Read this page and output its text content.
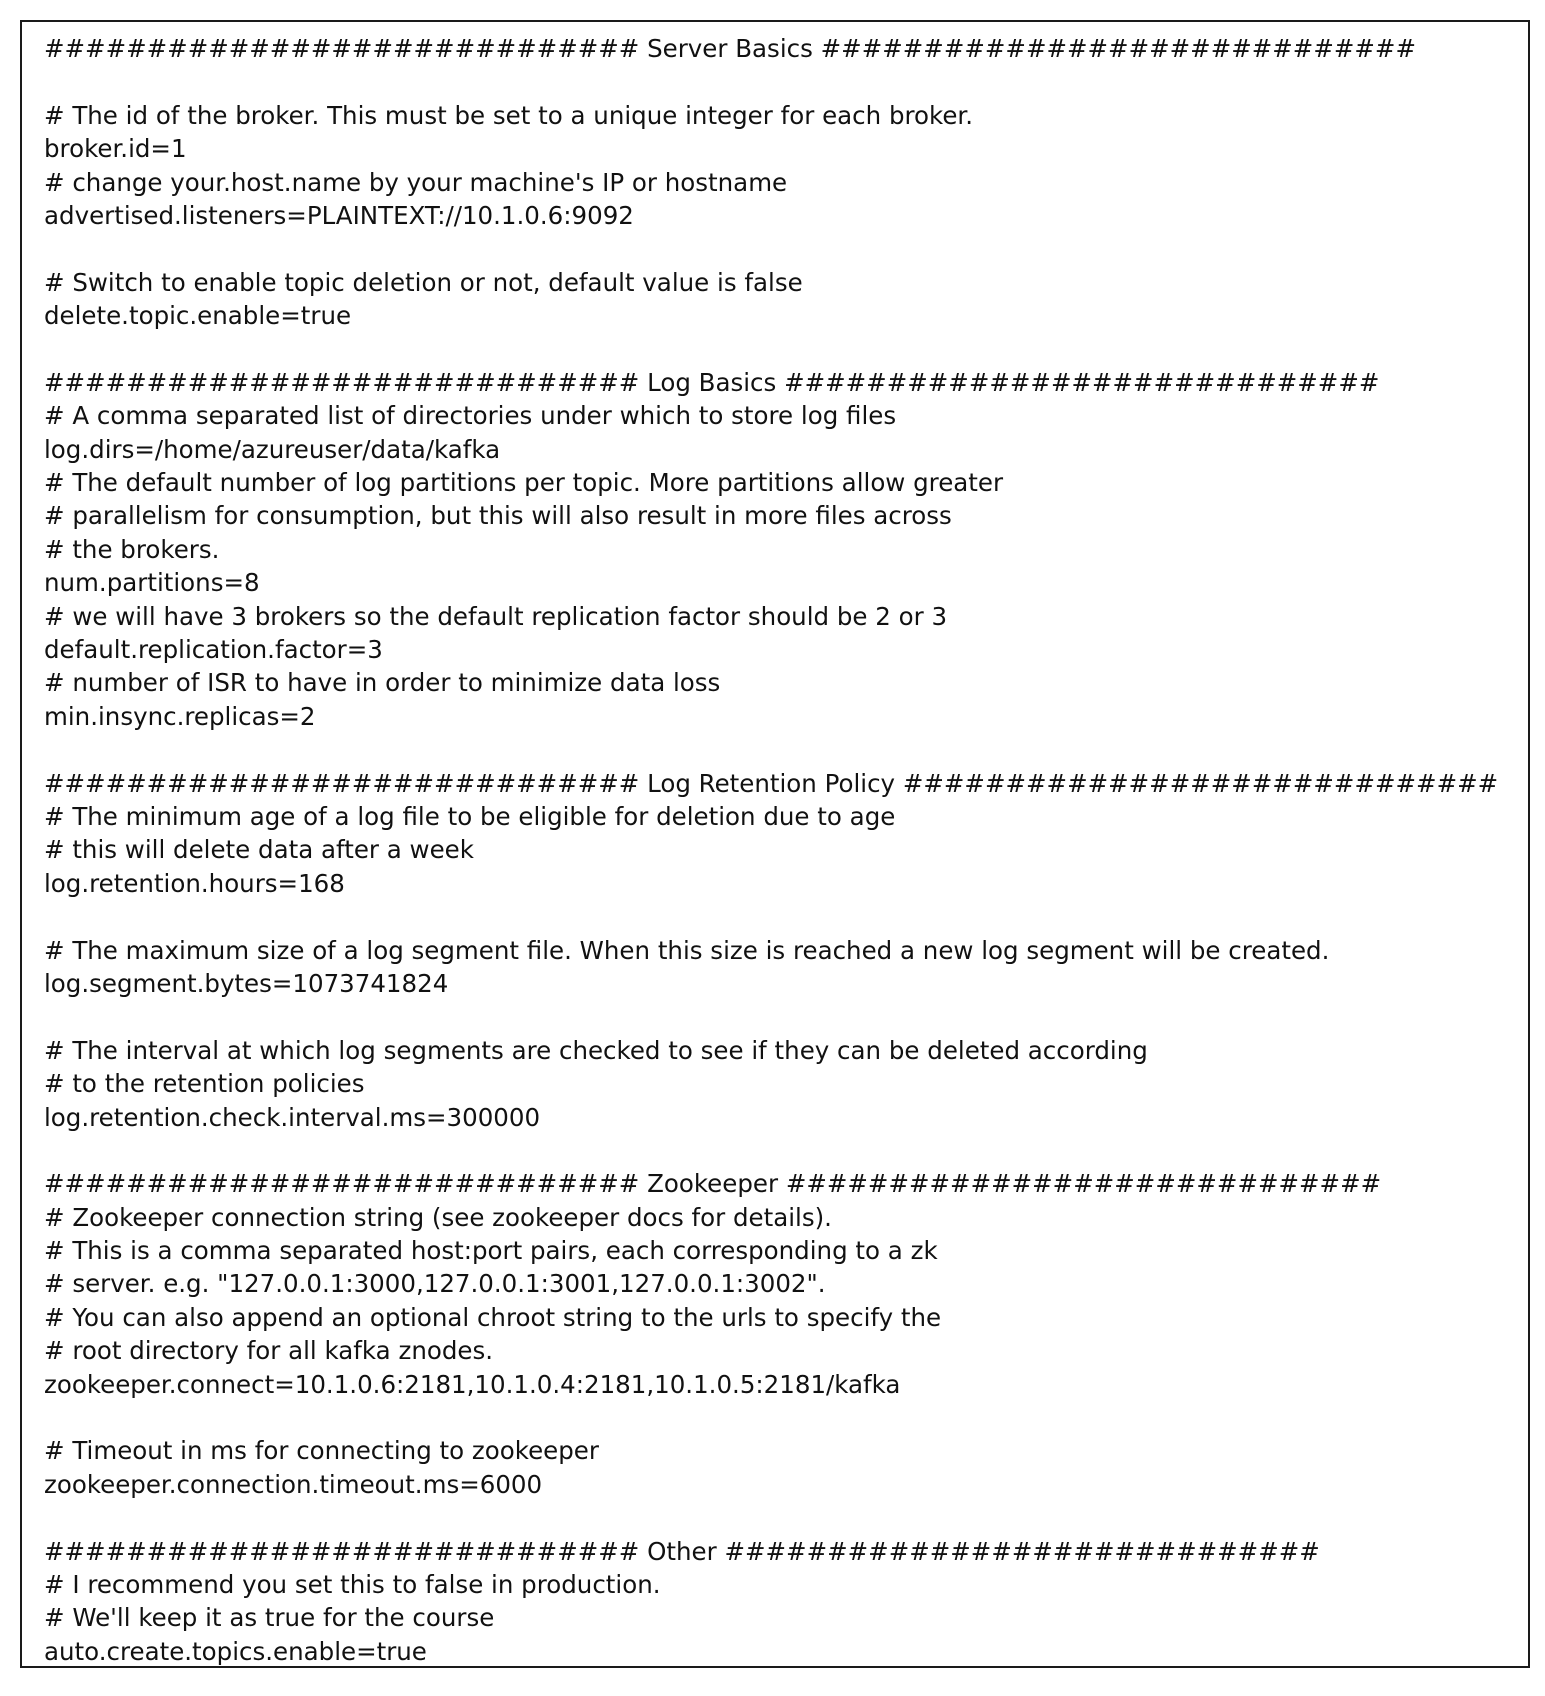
############################# Server Basics #############################
# The id of the broker. This must be set to a unique integer for each broker.
broker.id=1
# change your.host.name by your machine's IP or hostname
advertised.listeners=PLAINTEXT://10.1.0.6:9092
# Switch to enable topic deletion or not, default value is false
delete.topic.enable=true
############################# Log Basics #############################
# A comma separated list of directories under which to store log files
log.dirs=/home/azureuser/data/kafka
# The default number of log partitions per topic. More partitions allow greater
# parallelism for consumption, but this will also result in more files across
# the brokers.
num.partitions=8
# we will have 3 brokers so the default replication factor should be 2 or 3
default.replication.factor=3
# number of ISR to have in order to minimize data loss
min.insync.replicas=2
############################# Log Retention Policy #############################
# The minimum age of a log file to be eligible for deletion due to age
# this will delete data after a week
log.retention.hours=168
# The maximum size of a log segment file. When this size is reached a new log segment will be created.
log.segment.bytes=1073741824
# The interval at which log segments are checked to see if they can be deleted according
# to the retention policies
log.retention.check.interval.ms=300000
############################# Zookeeper #############################
# Zookeeper connection string (see zookeeper docs for details).
# This is a comma separated host:port pairs, each corresponding to a zk
# server. e.g. "127.0.0.1:3000,127.0.0.1:3001,127.0.0.1:3002".
# You can also append an optional chroot string to the urls to specify the
# root directory for all kafka znodes.
zookeeper.connect=10.1.0.6:2181,10.1.0.4:2181,10.1.0.5:2181/kafka
# Timeout in ms for connecting to zookeeper
zookeeper.connection.timeout.ms=6000
############################# Other #############################
# I recommend you set this to false in production.
# We'll keep it as true for the course
auto.create.topics.enable=true
